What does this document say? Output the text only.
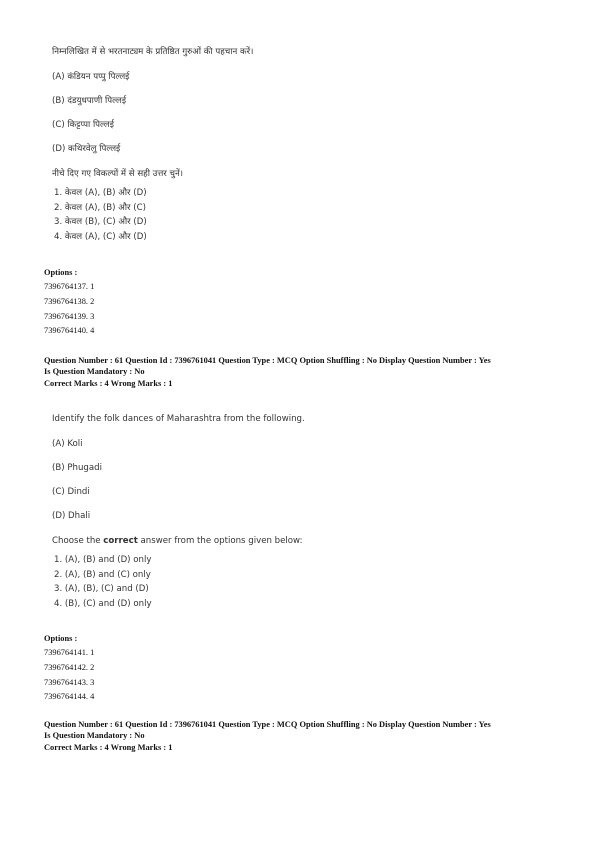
निम्नलिखित में से भरतनाट्यम के प्रतिष्ठित गुरुओं की पहचान करें।
(A) कंडियन पप्पु पिल्लई
(B) दंडयुधपाणी पिल्लई
(C) किट्टप्पा पिल्लई
(D) कथिरवेलु पिल्लई
नीचे दिए गए विकल्पों में से सही उत्तर चुनें।
1. केवल (A), (B) और (D)
2. केवल (A), (B) और (C)
3. केवल (B), (C) और (D)
4. केवल (A), (C) और (D)
Options :
7396764137. 1
7396764138. 2
7396764139. 3
7396764140. 4
Question Number : 61 Question Id : 7396761041 Question Type : MCQ Option Shuffling : No Display Question Number : Yes
Is Question Mandatory : No
Correct Marks : 4 Wrong Marks : 1
Identify the folk dances of Maharashtra from the following.
(A) Koli
(B) Phugadi
(C) Dindi
(D) Dhali
Choose the correct answer from the options given below:
1. (A), (B) and (D) only
2. (A), (B) and (C) only
3. (A), (B), (C) and (D)
4. (B), (C) and (D) only
Options :
7396764141. 1
7396764142. 2
7396764143. 3
7396764144. 4
Question Number : 61 Question Id : 7396761041 Question Type : MCQ Option Shuffling : No Display Question Number : Yes
Is Question Mandatory : No
Correct Marks : 4 Wrong Marks : 1
